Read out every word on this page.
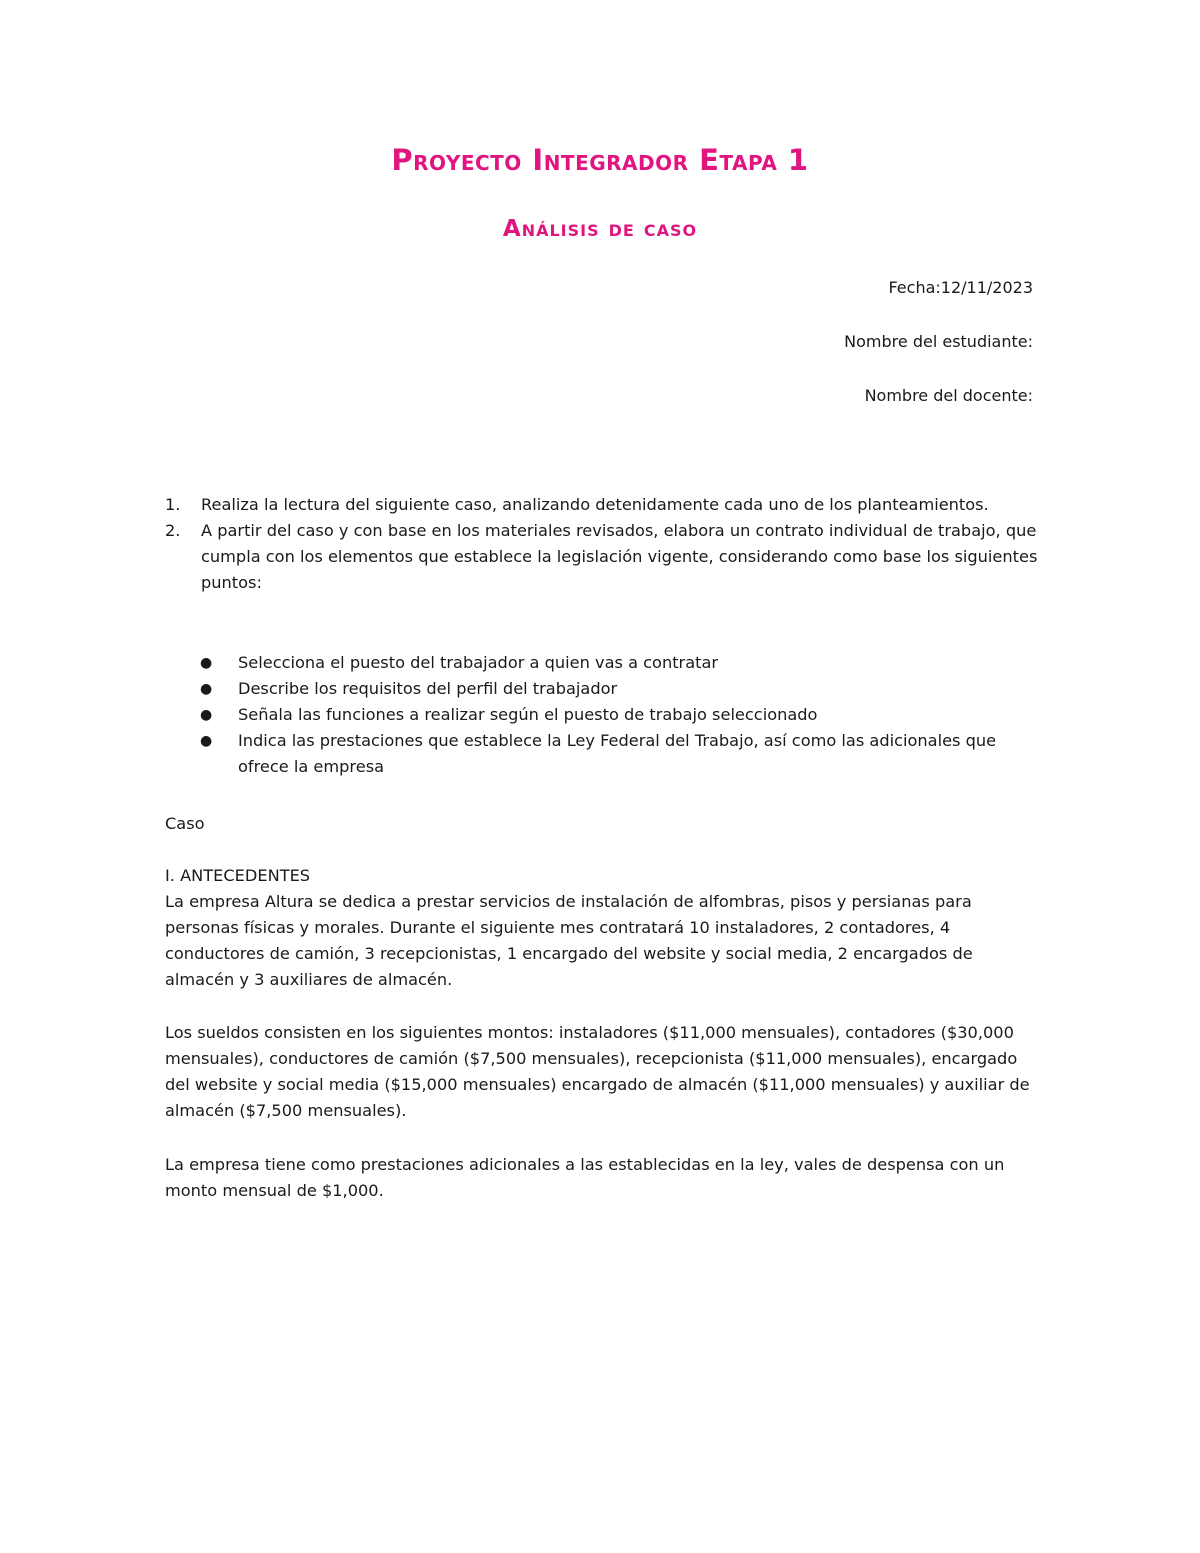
Proyecto Integrador Etapa 1
Análisis de caso
Fecha:12/11/2023
Nombre del estudiante:
Nombre del docente:
1. Realiza la lectura del siguiente caso, analizando detenidamente cada uno de los planteamientos.
2. A partir del caso y con base en los materiales revisados, elabora un contrato individual de trabajo, que cumpla con los elementos que establece la legislación vigente, considerando como base los siguientes puntos:
● Selecciona el puesto del trabajador a quien vas a contratar
● Describe los requisitos del perfil del trabajador
● Señala las funciones a realizar según el puesto de trabajo seleccionado
● Indica las prestaciones que establece la Ley Federal del Trabajo, así como las adicionales que ofrece la empresa

Caso

I. ANTECEDENTES

La empresa Altura se dedica a prestar servicios de instalación de alfombras, pisos y persianas para personas físicas y morales. Durante el siguiente mes contratará 10 instaladores, 2 contadores, 4 conductores de camión, 3 recepcionistas, 1 encargado del website y social media, 2 encargados de almacén y 3 auxiliares de almacén.

Los sueldos consisten en los siguientes montos: instaladores ($11,000 mensuales), contadores ($30,000 mensuales), conductores de camión ($7,500 mensuales), recepcionista ($11,000 mensuales), encargado del website y social media ($15,000 mensuales) encargado de almacén ($11,000 mensuales) y auxiliar de almacén ($7,500 mensuales).

La empresa tiene como prestaciones adicionales a las establecidas en la ley, vales de despensa con un monto mensual de $1,000.
